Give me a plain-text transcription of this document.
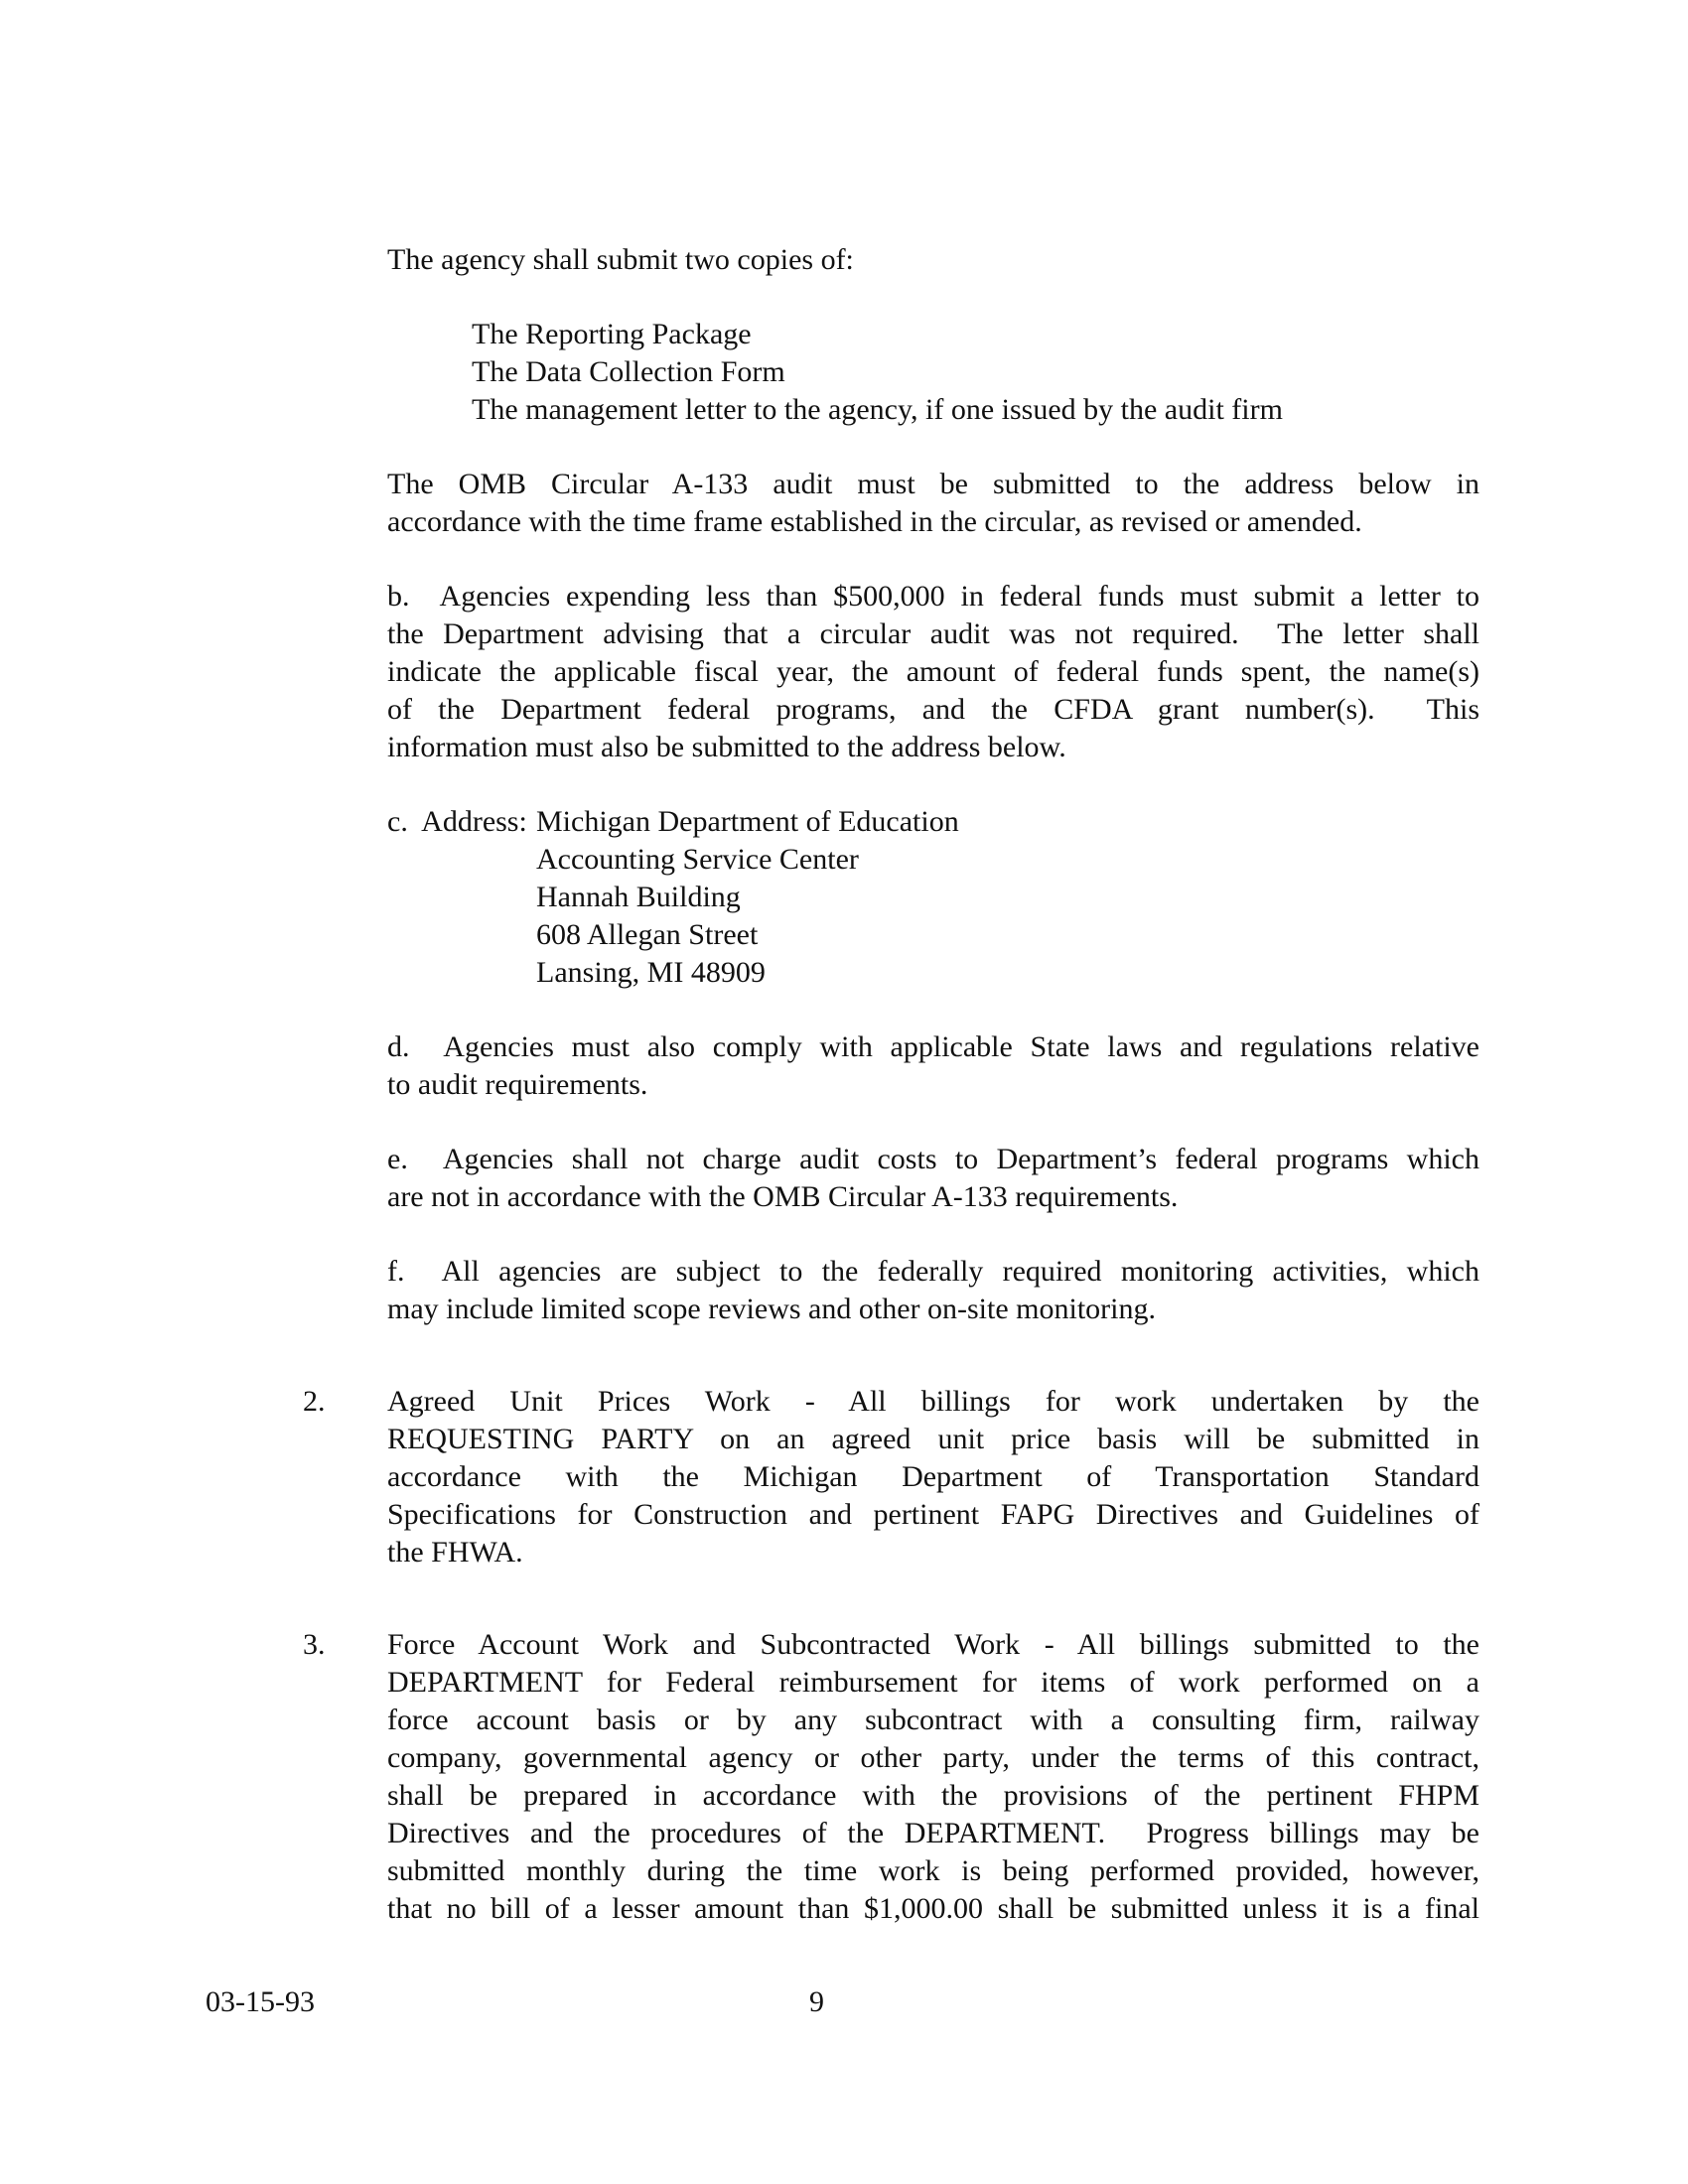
The agency shall submit two copies of:

The Reporting Package
The Data Collection Form
The management letter to the agency, if one issued by the audit firm
The OMB Circular A-133 audit must be submitted to the address below in
accordance with the time frame established in the circular, as revised or amended.
b.  Agencies expending less than $500,000 in federal funds must submit a letter to
the Department advising that a circular audit was not required.  The letter shall
indicate the applicable fiscal year, the amount of federal funds spent, the name(s)
of the Department federal programs, and the CFDA grant number(s).  This
information must also be submitted to the address below.
c.  Address: Michigan Department of Education
Accounting Service Center
Hannah Building
608 Allegan Street
Lansing, MI 48909
d.  Agencies must also comply with applicable State laws and regulations relative
to audit requirements.
e.  Agencies shall not charge audit costs to Department’s federal programs which
are not in accordance with the OMB Circular A-133 requirements.
f.  All agencies are subject to the federally required monitoring activities, which
may include limited scope reviews and other on-site monitoring.
2. Agreed Unit Prices Work - All billings for work undertaken by the
REQUESTING PARTY on an agreed unit price basis will be submitted in
accordance with the Michigan Department of Transportation Standard
Specifications for Construction and pertinent FAPG Directives and Guidelines of
the FHWA.
3. Force Account Work and Subcontracted Work - All billings submitted to the
DEPARTMENT for Federal reimbursement for items of work performed on a
force account basis or by any subcontract with a consulting firm, railway
company, governmental agency or other party, under the terms of this contract,
shall be prepared in accordance with the provisions of the pertinent FHPM
Directives and the procedures of the DEPARTMENT.  Progress billings may be
submitted monthly during the time work is being performed provided, however,
that no bill of a lesser amount than $1,000.00 shall be submitted unless it is a final
03-15-93	9
